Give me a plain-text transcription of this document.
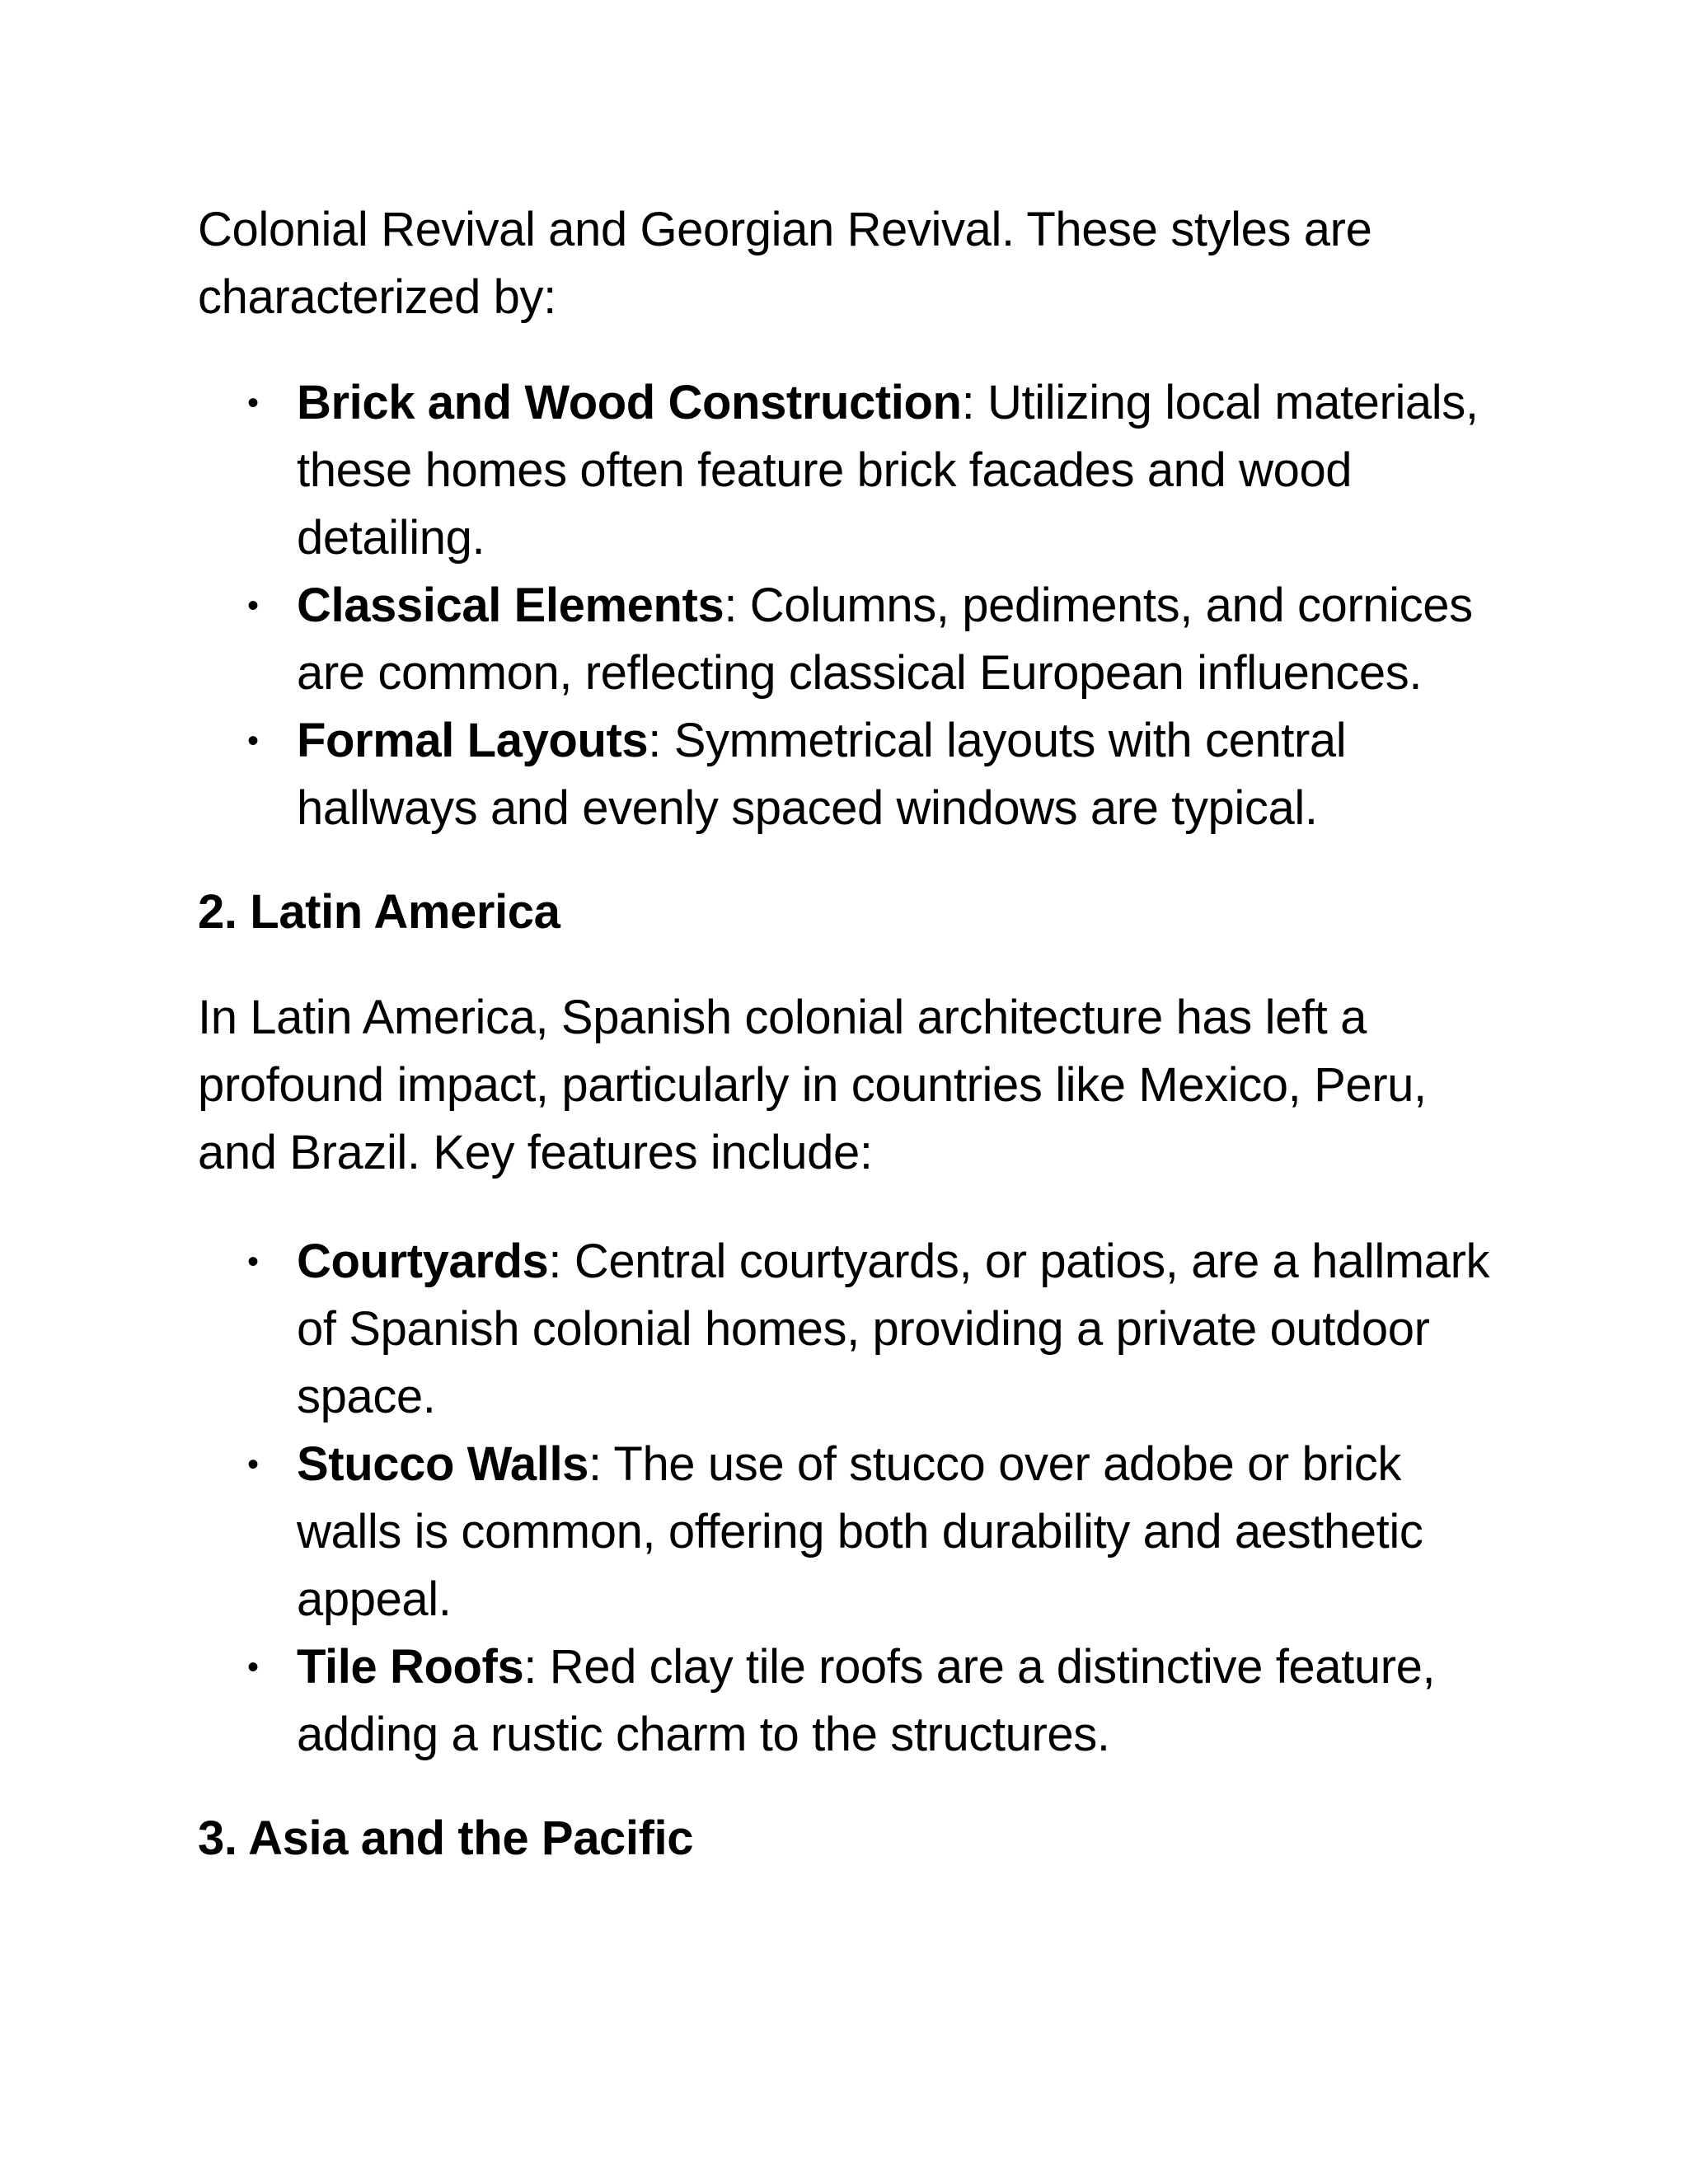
Colonial Revival and Georgian Revival. These styles are characterized by:

• Brick and Wood Construction: Utilizing local materials, these homes often feature brick facades and wood detailing.
• Classical Elements: Columns, pediments, and cornices are common, reflecting classical European influences.
• Formal Layouts: Symmetrical layouts with central hallways and evenly spaced windows are typical.
2. Latin America

In Latin America, Spanish colonial architecture has left a profound impact, particularly in countries like Mexico, Peru, and Brazil. Key features include:

• Courtyards: Central courtyards, or patios, are a hallmark of Spanish colonial homes, providing a private outdoor space.
• Stucco Walls: The use of stucco over adobe or brick walls is common, offering both durability and aesthetic appeal.
• Tile Roofs: Red clay tile roofs are a distinctive feature, adding a rustic charm to the structures.
3. Asia and the Pacific
